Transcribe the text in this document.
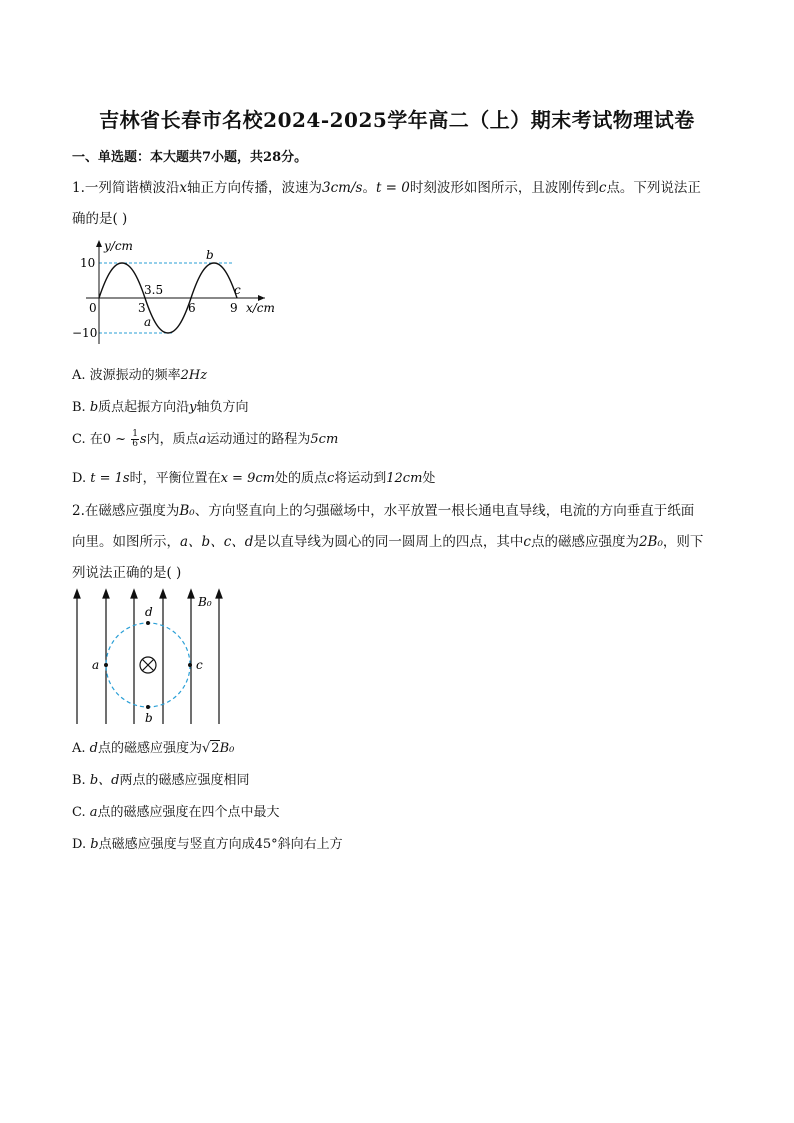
吉林省长春市名校2024-2025学年高二（上）期末考试物理试卷
一、单选题：本大题共7小题，共28分。
1.一列简谐横波沿x轴正方向传播，波速为3cm/s。t = 0时刻波形如图所示，且波刚传到c点。下列说法正
确的是( )
y/cm
x/cm
10
−10
0	3
3.5
6	9
a
b
c
A. 波源振动的频率2Hz
B. b质点起振方向沿y轴负方向
C. 在0 ~ $\frac{1}{6}$ s内，质点a运动通过的路程为5cm
D. t = 1s时，平衡位置在x = 9cm处的质点c将运动到12cm处
2.在磁感应强度为B₀、方向竖直向上的匀强磁场中，水平放置一根长通电直导线，电流的方向垂直于纸面
向里。如图所示，a、b、c、d是以直导线为圆心的同一圆周上的四点，其中c点的磁感应强度为2B₀，则下
列说法正确的是( )
a	c
d
b
B₀
A. d点的磁感应强度为√2B₀
B. b、d两点的磁感应强度相同
C. a点的磁感应强度在四个点中最大
D. b点磁感应强度与竖直方向成45°斜向右上方
